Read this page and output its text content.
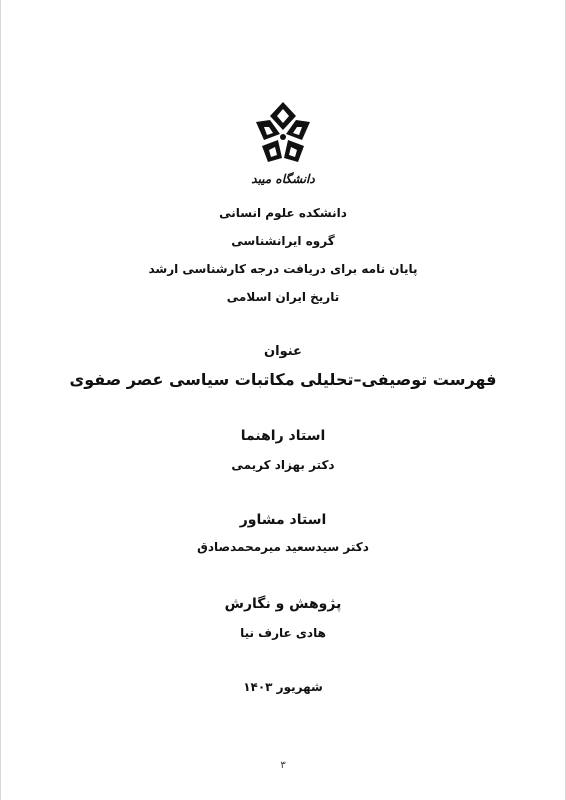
دانشگاه میبد
دانشکده علوم انسانی
گروه ایرانشناسی
پایان نامه برای دریافت درجه کارشناسی ارشد
تاریخ ایران اسلامی
عنوان
فهرست توصیفی–تحلیلی مکاتبات سیاسی عصر صفوی
استاد راهنما
دکتر بهزاد کریمی
استاد مشاور
دکتر سیدسعید میرمحمدصادق
پژوهش و نگارش
هادی عارف نیا
شهریور ۱۴۰۳
۳
